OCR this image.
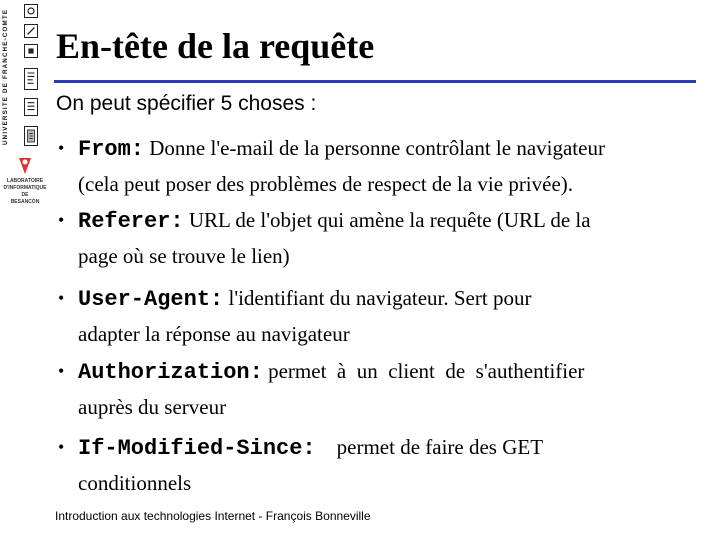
UNIVERSITE DE FRANCHE-COMTE
LABORATOIRE
D'INFORMATIQUE
DE
BESANCON
En-tête de la requête
On peut spécifier 5 choses :
• From: Donne l'e-mail de la personne contrôlant le navigateur
(cela peut poser des problèmes de respect de la vie privée).
• Referer: URL de l'objet qui amène la requête (URL de la
page où se trouve le lien)
• User-Agent: l'identifiant du navigateur. Sert pour
adapter la réponse au navigateur
• Authorization: permet  à  un  client  de  s'authentifier
auprès du serveur
• If-Modified-Since:    permet de faire des GET
conditionnels
Introduction aux technologies Internet - François Bonneville
